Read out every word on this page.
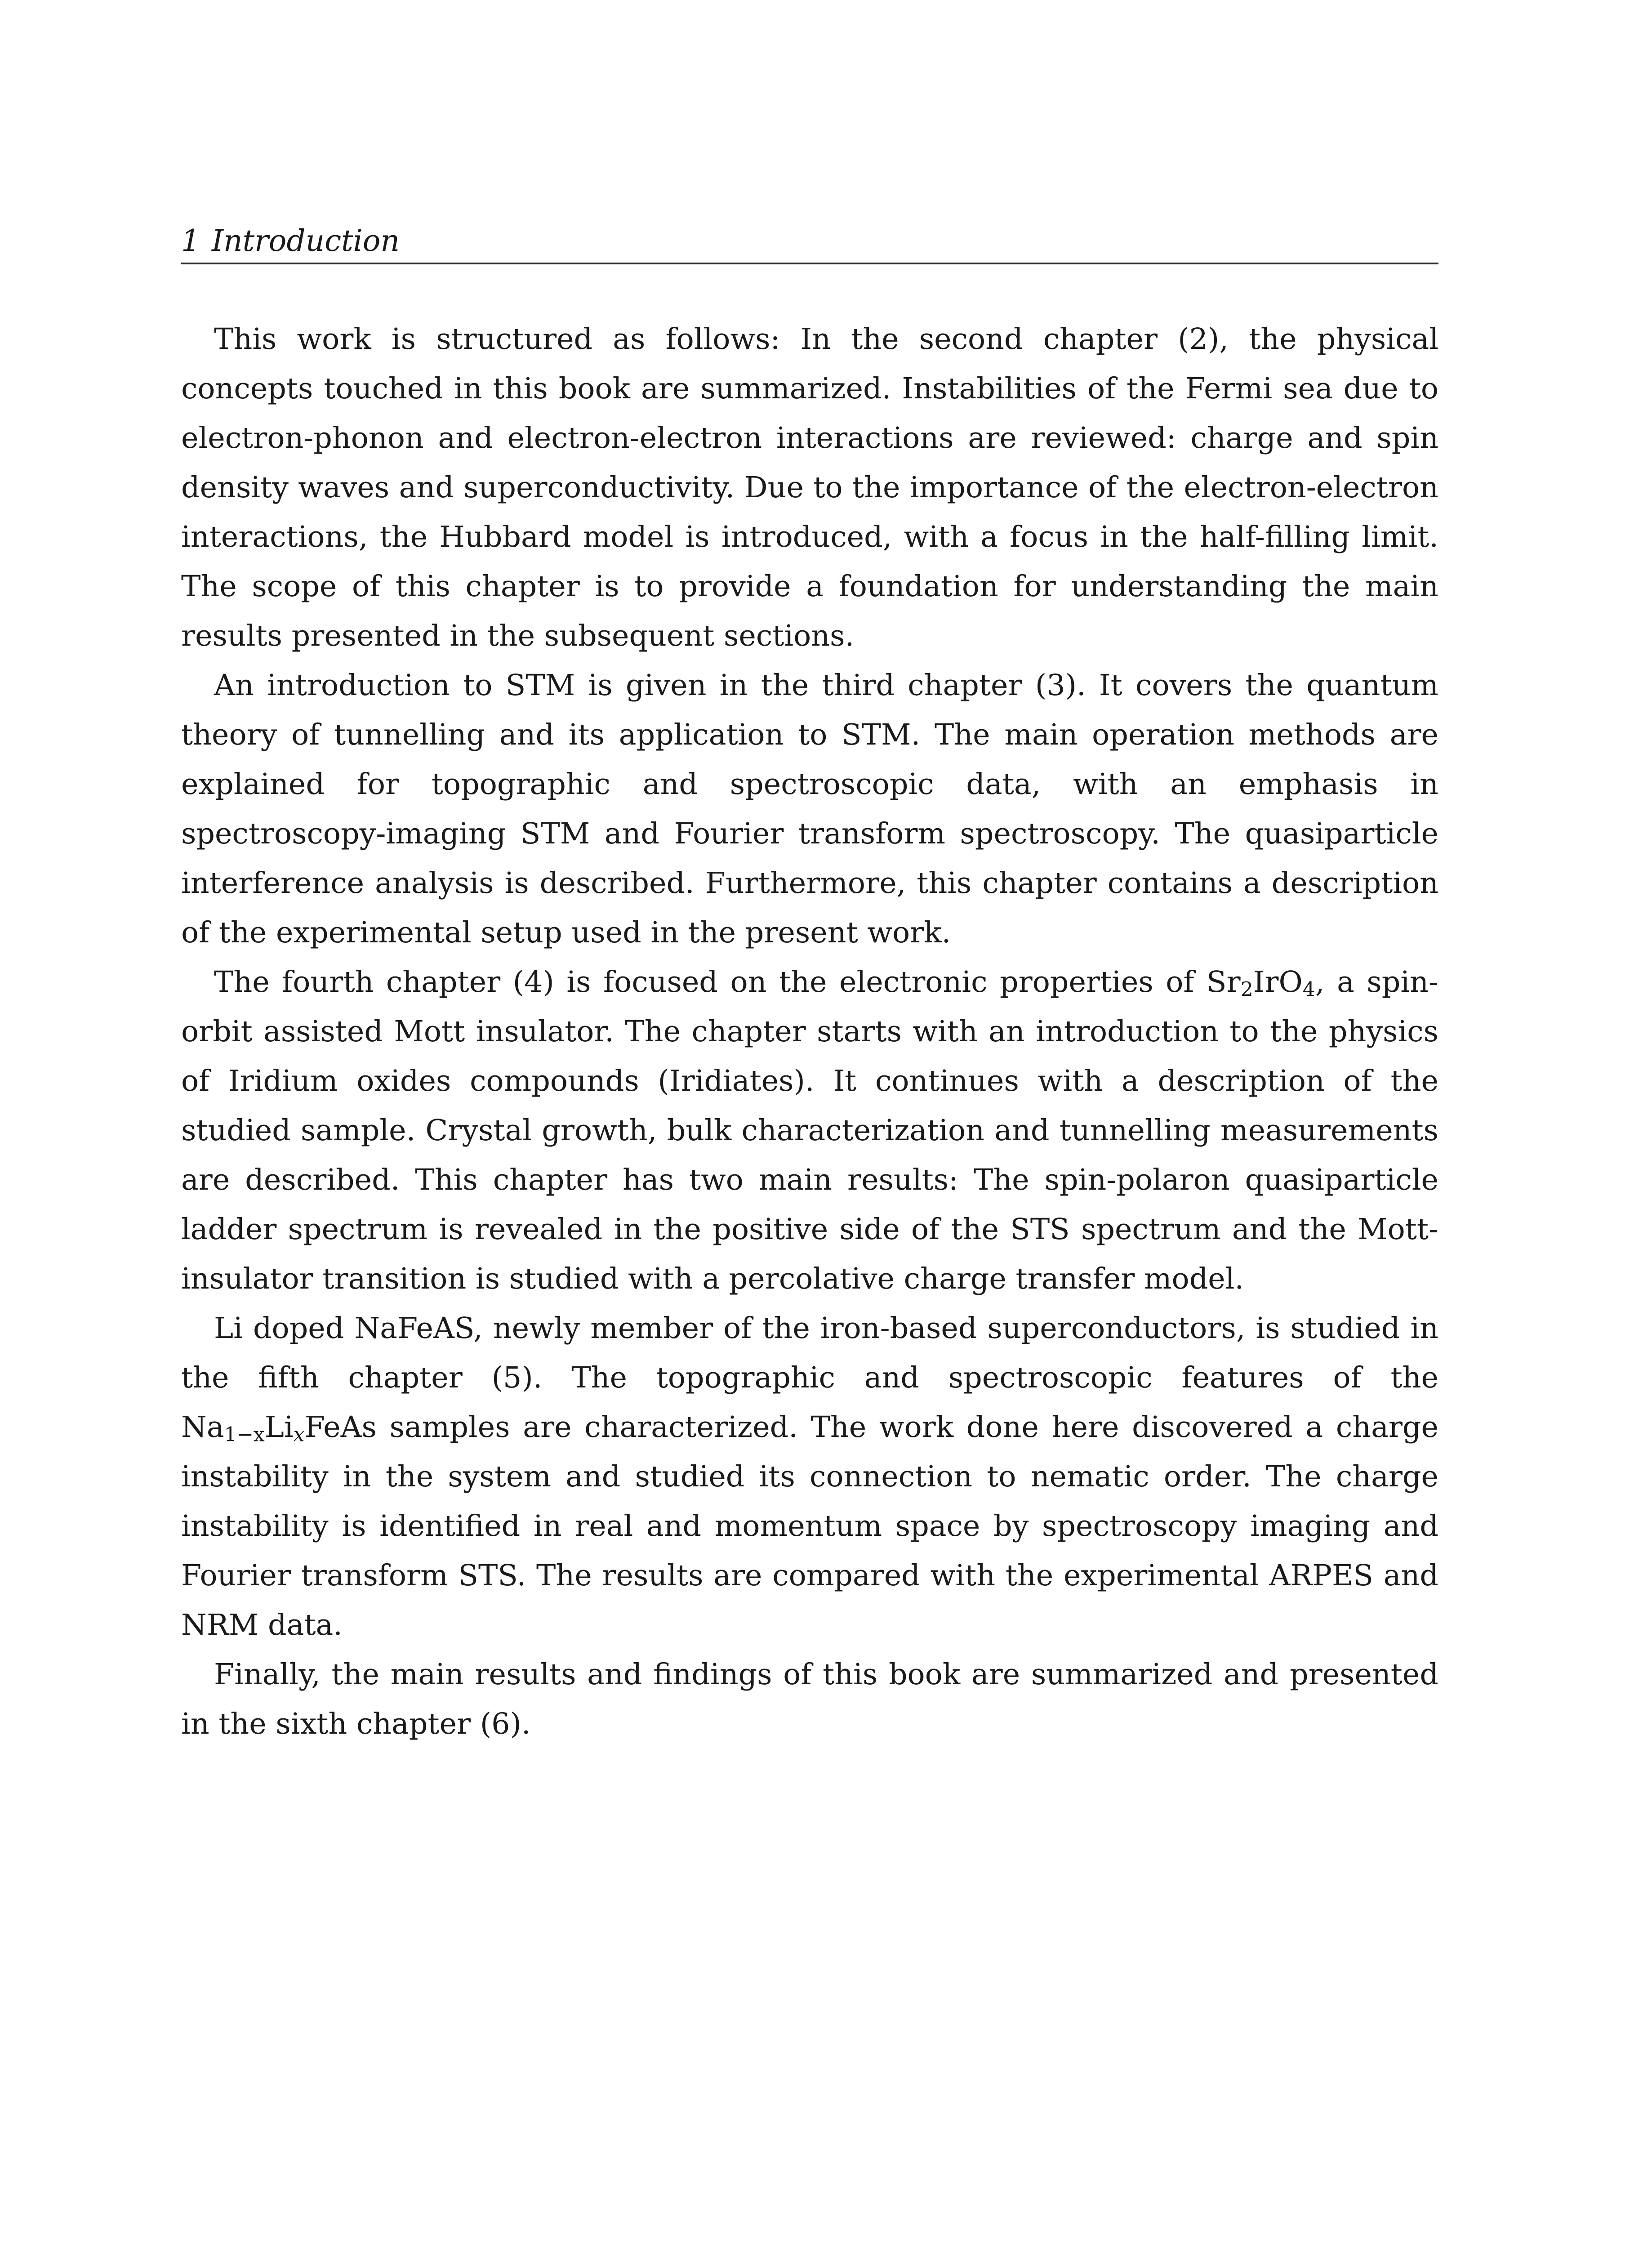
1 Introduction

This work is structured as follows: In the second chapter (2), the physical concepts touched in this book are summarized. Instabilities of the Fermi sea due to electron-phonon and electron-electron interactions are reviewed: charge and spin density waves and superconductivity. Due to the importance of the electron-electron interactions, the Hubbard model is introduced, with a focus in the half-filling limit. The scope of this chapter is to provide a foundation for understanding the main results presented in the subsequent sections.

An introduction to STM is given in the third chapter (3). It covers the quantum theory of tunnelling and its application to STM. The main operation methods are explained for topographic and spectroscopic data, with an emphasis in spectroscopy-imaging STM and Fourier transform spectroscopy. The quasiparticle interference analysis is described. Furthermore, this chapter contains a description of the experimental setup used in the present work.

The fourth chapter (4) is focused on the electronic properties of $Sr_2IrO_4$, a spin-orbit assisted Mott insulator. The chapter starts with an introduction to the physics of Iridium oxides compounds (Iridiates). It continues with a description of the studied sample. Crystal growth, bulk characterization and tunnelling measurements are described. This chapter has two main results: The spin-polaron quasiparticle ladder spectrum is revealed in the positive side of the STS spectrum and the Mott-insulator transition is studied with a percolative charge transfer model.

Li doped NaFeAS, newly member of the iron-based superconductors, is studied in the fifth chapter (5). The topographic and spectroscopic features of the $Na_{1-x}Li_xFeAs$ samples are characterized. The work done here discovered a charge instability in the system and studied its connection to nematic order. The charge instability is identified in real and momentum space by spectroscopy imaging and Fourier transform STS. The results are compared with the experimental ARPES and NRM data.

Finally, the main results and findings of this book are summarized and presented in the sixth chapter (6).
